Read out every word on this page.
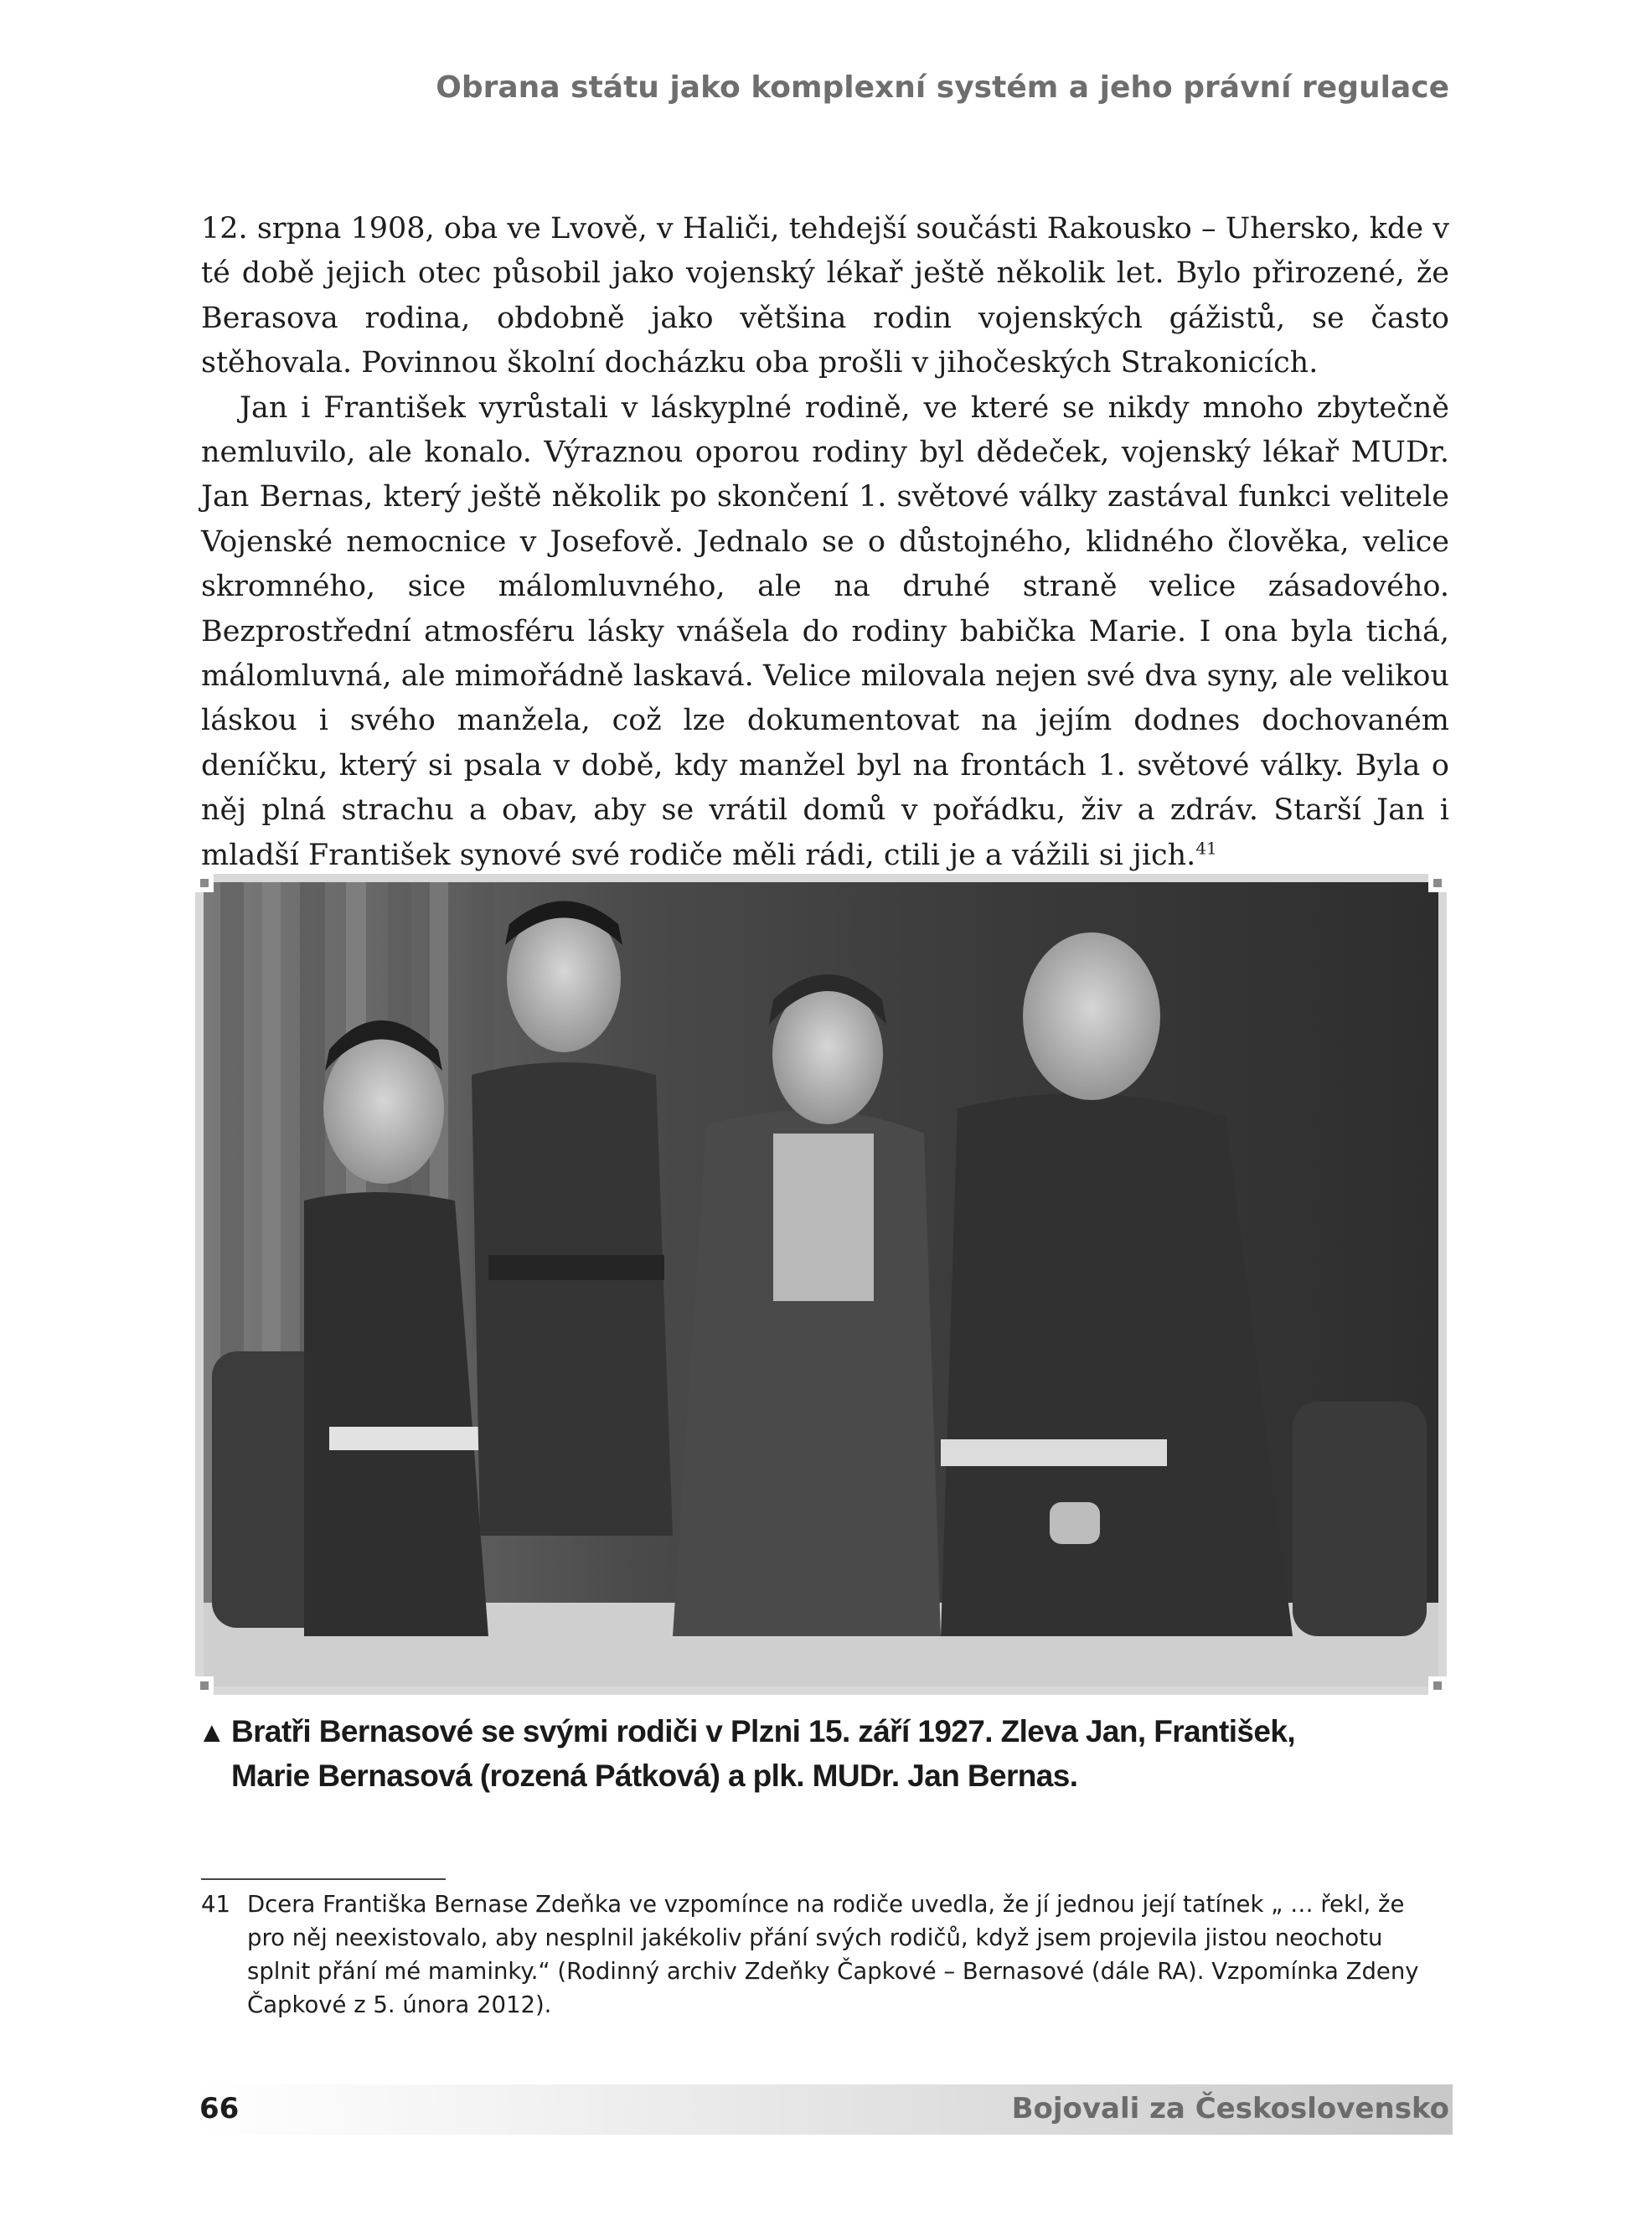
Obrana státu jako komplexní systém a jeho právní regulace

12. srpna 1908, oba ve Lvově, v Haliči, tehdejší součásti Rakousko – Uhersko, kde v té době jejich otec působil jako vojenský lékař ještě několik let. Bylo přirozené, že Berasova rodina, obdobně jako většina rodin vojenských gážistů, se často stěhovala. Povinnou školní docházku oba prošli v jihočeských Strakonicích.

Jan i František vyrůstali v láskyplné rodině, ve které se nikdy mnoho zbytečně nemluvilo, ale konalo. Výraznou oporou rodiny byl dědeček, vojenský lékař MUDr. Jan Bernas, který ještě několik po skončení 1. světové války zastával funkci velitele Vojenské nemocnice v Josefově. Jednalo se o důstojného, klidného člověka, velice skromného, sice málomluvného, ale na druhé straně velice zásadového. Bezprostřední atmosféru lásky vnášela do rodiny babička Marie. I ona byla tichá, málomluvná, ale mimořádně laskavá. Velice milovala nejen své dva syny, ale velikou láskou i svého manžela, což lze dokumentovat na jejím dodnes dochovaném deníčku, který si psala v době, kdy manžel byl na frontách 1. světové války. Byla o něj plná strachu a obav, aby se vrátil domů v pořádku, živ a zdráv. Starší Jan i mladší František synové své rodiče měli rádi, ctili je a vážili si jich.$^{41}$

▲ Bratři Bernasové se svými rodiči v Plzni 15. září 1927. Zleva Jan, František,
Marie Bernasová (rozená Pátková) a plk. MUDr. Jan Bernas.
41 Dcera Františka Bernase Zdeňka ve vzpomínce na rodiče uvedla, že jí jednou její tatínek „ … řekl, že pro něj neexistovalo, aby nesplnil jakékoliv přání svých rodičů, když jsem projevila jistou neochotu splnit přání mé maminky.“ (Rodinný archiv Zdeňky Čapkové – Bernasové (dále RA). Vzpomínka Zdeny Čapkové z 5. února 2012).
66	Bojovali za Československo
